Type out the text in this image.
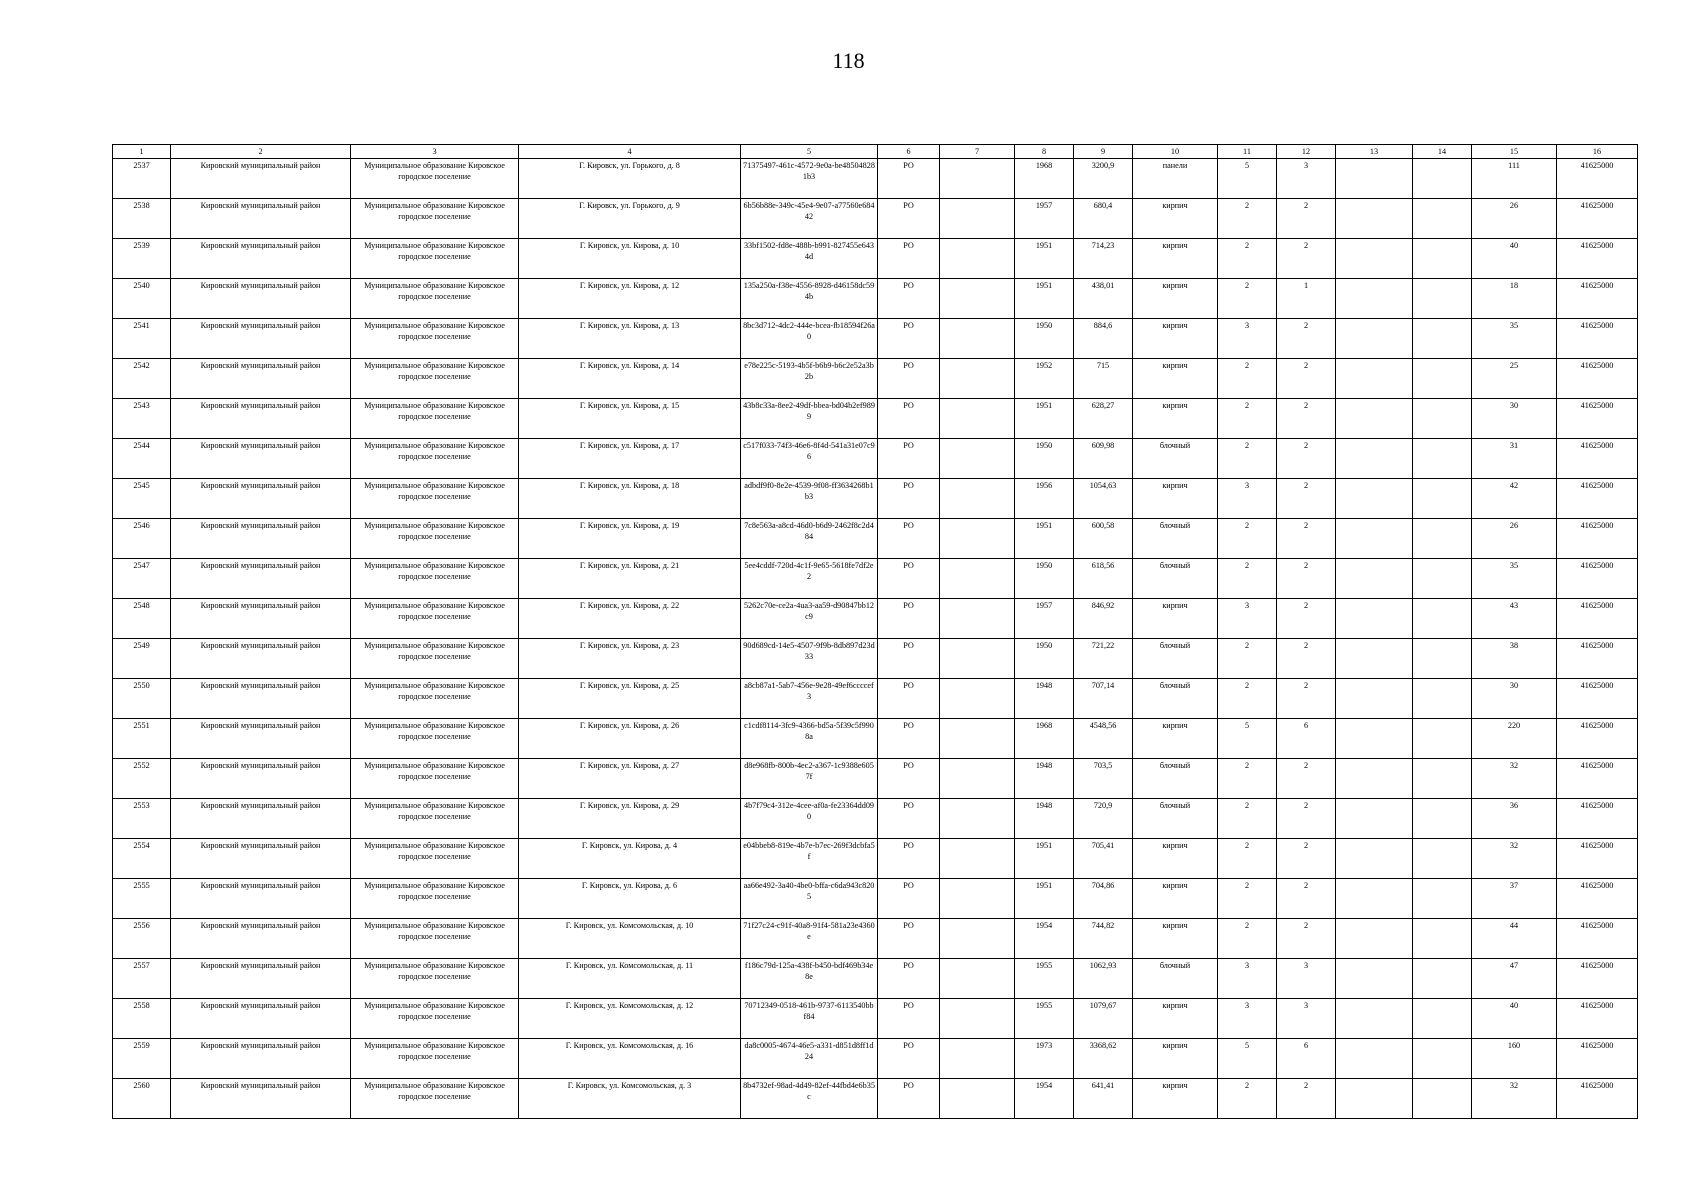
118
1	2	3	4	5	6	7	8	9	10	11	12	13	14	15	16
2537	Кировский муниципальный район	Муниципальное образование Кировское городское поселение	Г. Кировск, ул. Горького, д. 8	71375497-461c-4572-9e0a-be485048281b3	РО		1968	3200,9	панели	5	3			111	41625000
2538	Кировский муниципальный район	Муниципальное образование Кировское городское поселение	Г. Кировск, ул. Горького, д. 9	6b56b88e-349c-45e4-9e07-a77560e68442	РО		1957	680,4	кирпич	2	2			26	41625000
2539	Кировский муниципальный район	Муниципальное образование Кировское городское поселение	Г. Кировск, ул. Кирова, д. 10	33bf1502-fd8e-488b-b991-827455e6434d	РО		1951	714,23	кирпич	2	2			40	41625000
2540	Кировский муниципальный район	Муниципальное образование Кировское городское поселение	Г. Кировск, ул. Кирова, д. 12	135a250a-f38e-4556-8928-d46158dc594b	РО		1951	438,01	кирпич	2	1			18	41625000
2541	Кировский муниципальный район	Муниципальное образование Кировское городское поселение	Г. Кировск, ул. Кирова, д. 13	8bc3d712-4dc2-444e-bcea-fb18594f26a0	РО		1950	884,6	кирпич	3	2			35	41625000
2542	Кировский муниципальный район	Муниципальное образование Кировское городское поселение	Г. Кировск, ул. Кирова, д. 14	e78e225c-5193-4b5f-b6b9-b6c2e52a3b2b	РО		1952	715	кирпич	2	2			25	41625000
2543	Кировский муниципальный район	Муниципальное образование Кировское городское поселение	Г. Кировск, ул. Кирова, д. 15	43b8c33a-8ee2-49df-bbea-bd04b2ef9899	РО		1951	628,27	кирпич	2	2			30	41625000
2544	Кировский муниципальный район	Муниципальное образование Кировское городское поселение	Г. Кировск, ул. Кирова, д. 17	c517f033-74f3-46e6-8f4d-541a31e07c96	РО		1950	609,98	блочный	2	2			31	41625000
2545	Кировский муниципальный район	Муниципальное образование Кировское городское поселение	Г. Кировск, ул. Кирова, д. 18	adbdf9f0-8e2e-4539-9f08-ff3634268b1b3	РО		1956	1054,63	кирпич	3	2			42	41625000
2546	Кировский муниципальный район	Муниципальное образование Кировское городское поселение	Г. Кировск, ул. Кирова, д. 19	7c8e563a-a8cd-46d0-b6d9-2462f8c2d484	РО		1951	600,58	блочный	2	2			26	41625000
2547	Кировский муниципальный район	Муниципальное образование Кировское городское поселение	Г. Кировск, ул. Кирова, д. 21	5ee4cddf-720d-4c1f-9e65-5618fe7df2e2	РО		1950	618,56	блочный	2	2			35	41625000
2548	Кировский муниципальный район	Муниципальное образование Кировское городское поселение	Г. Кировск, ул. Кирова, д. 22	5262c70e-ce2a-4ua3-aa59-d90847bb12c9	РО		1957	846,92	кирпич	3	2			43	41625000
2549	Кировский муниципальный район	Муниципальное образование Кировское городское поселение	Г. Кировск, ул. Кирова, д. 23	90d689cd-14e5-4507-9f9b-8db897d23d33	РО		1950	721,22	блочный	2	2			38	41625000
2550	Кировский муниципальный район	Муниципальное образование Кировское городское поселение	Г. Кировск, ул. Кирова, д. 25	a8cb87a1-5ab7-456e-9e28-49ef6ccccef3	РО		1948	707,14	блочный	2	2			30	41625000
2551	Кировский муниципальный район	Муниципальное образование Кировское городское поселение	Г. Кировск, ул. Кирова, д. 26	c1cdf8114-3fc9-4366-bd5a-5f39c5f9908a	РО		1968	4548,56	кирпич	5	6			220	41625000
2552	Кировский муниципальный район	Муниципальное образование Кировское городское поселение	Г. Кировск, ул. Кирова, д. 27	d8e968fb-800b-4ec2-a367-1c9388e6057f	РО		1948	703,5	блочный	2	2			32	41625000
2553	Кировский муниципальный район	Муниципальное образование Кировское городское поселение	Г. Кировск, ул. Кирова, д. 29	4b7f79c4-312e-4cee-af0a-fe23364dd090	РО		1948	720,9	блочный	2	2			36	41625000
2554	Кировский муниципальный район	Муниципальное образование Кировское городское поселение	Г. Кировск, ул. Кирова, д. 4	e04bbeb8-819e-4b7e-b7ec-269f3dcbfa5f	РО		1951	705,41	кирпич	2	2			32	41625000
2555	Кировский муниципальный район	Муниципальное образование Кировское городское поселение	Г. Кировск, ул. Кирова, д. 6	aa66e492-3a40-4be0-bffa-c6da943c8205	РО		1951	704,86	кирпич	2	2			37	41625000
2556	Кировский муниципальный район	Муниципальное образование Кировское городское поселение	Г. Кировск, ул. Комсомольская, д. 10	71f27c24-c91f-40a8-91f4-581a23e4360e	РО		1954	744,82	кирпич	2	2			44	41625000
2557	Кировский муниципальный район	Муниципальное образование Кировское городское поселение	Г. Кировск, ул. Комсомольская, д. 11	f186c79d-125a-438f-b450-bdf469b34e8e	РО		1955	1062,93	блочный	3	3			47	41625000
2558	Кировский муниципальный район	Муниципальное образование Кировское городское поселение	Г. Кировск, ул. Комсомольская, д. 12	70712349-0518-461b-9737-6113540bbf84	РО		1955	1079,67	кирпич	3	3			40	41625000
2559	Кировский муниципальный район	Муниципальное образование Кировское городское поселение	Г. Кировск, ул. Комсомольская, д. 16	da8c0005-4674-46e5-a331-d851d8ff1d24	РО		1973	3368,62	кирпич	5	6			160	41625000
2560	Кировский муниципальный район	Муниципальное образование Кировское городское поселение	Г. Кировск, ул. Комсомольская, д. 3	8b4732ef-98ad-4d49-82ef-44fbd4e6b35c	РО		1954	641,41	кирпич	2	2			32	41625000
